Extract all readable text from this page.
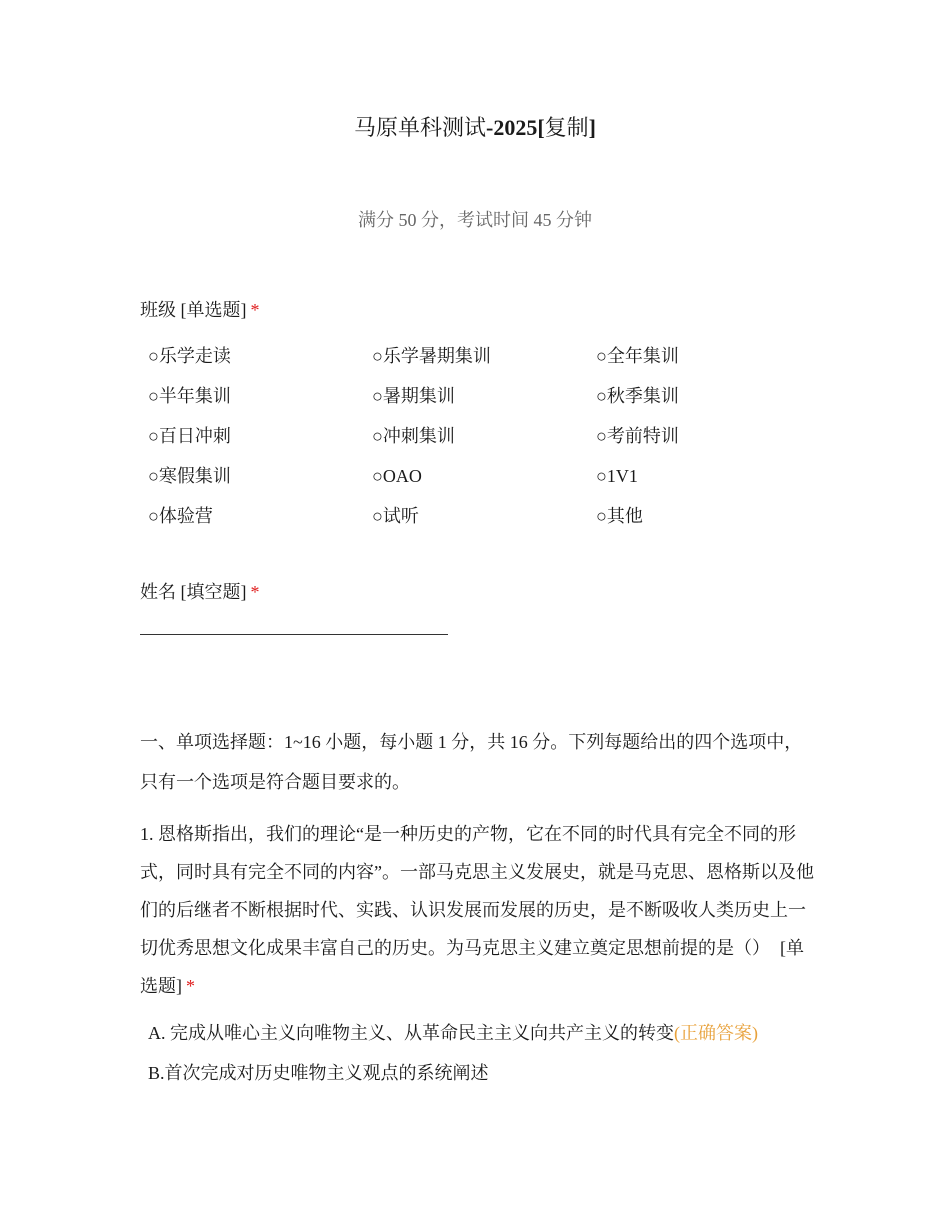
马原单科测试-2025[复制]
满分 50 分，考试时间 45 分钟
班级 [单选题] *
○乐学走读	○乐学暑期集训	○全年集训
○半年集训	○暑期集训	○秋季集训
○百日冲刺	○冲刺集训	○考前特训
○寒假集训	○OAO	○1V1
○体验营	○试听	○其他
姓名 [填空题] *
一、单项选择题：1~16 小题，每小题 1 分，共 16 分。下列每题给出的四个选项中，只有一个选项是符合题目要求的。
1. 恩格斯指出，我们的理论“是一种历史的产物，它在不同的时代具有完全不同的形式，同时具有完全不同的内容”。一部马克思主义发展史，就是马克思、恩格斯以及他们的后继者不断根据时代、实践、认识发展而发展的历史，是不断吸收人类历史上一切优秀思想文化成果丰富自己的历史。为马克思主义建立奠定思想前提的是（） [单选题] *
A. 完成从唯心主义向唯物主义、从革命民主主义向共产主义的转变(正确答案)
B.首次完成对历史唯物主义观点的系统阐述
